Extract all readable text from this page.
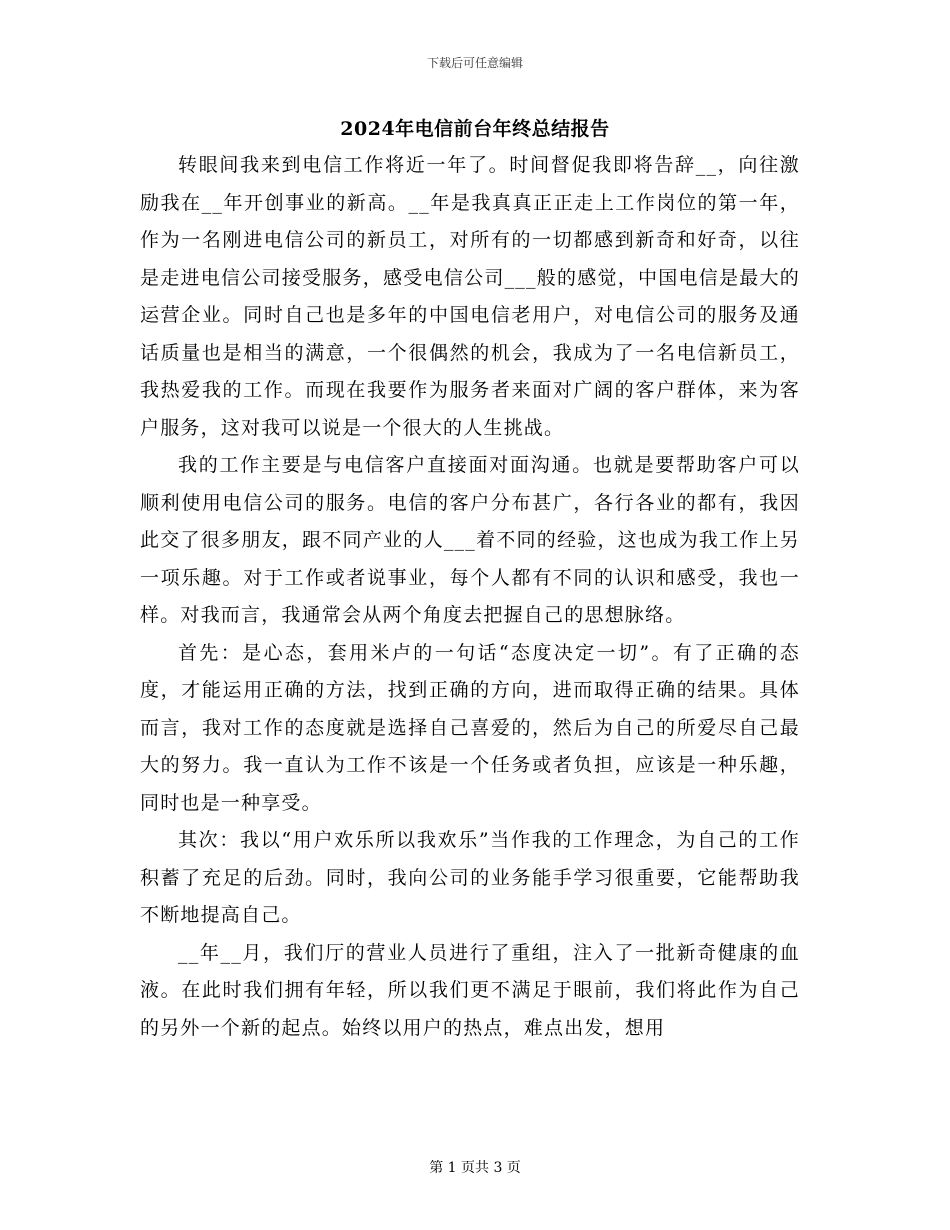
下载后可任意编辑
2024年电信前台年终总结报告

转眼间我来到电信工作将近一年了。时间督促我即将告辞__，向往激励我在__年开创事业的新高。__年是我真真正正走上工作岗位的第一年，作为一名刚进电信公司的新员工，对所有的一切都感到新奇和好奇，以往是走进电信公司接受服务，感受电信公司___般的感觉，中国电信是最大的运营企业。同时自己也是多年的中国电信老用户，对电信公司的服务及通话质量也是相当的满意，一个很偶然的机会，我成为了一名电信新员工，我热爱我的工作。而现在我要作为服务者来面对广阔的客户群体，来为客户服务，这对我可以说是一个很大的人生挑战。

我的工作主要是与电信客户直接面对面沟通。也就是要帮助客户可以顺利使用电信公司的服务。电信的客户分布甚广，各行各业的都有，我因此交了很多朋友，跟不同产业的人___着不同的经验，这也成为我工作上另一项乐趣。对于工作或者说事业，每个人都有不同的认识和感受，我也一样。对我而言，我通常会从两个角度去把握自己的思想脉络。

首先：是心态，套用米卢的一句话“态度决定一切”。有了正确的态度，才能运用正确的方法，找到正确的方向，进而取得正确的结果。具体而言，我对工作的态度就是选择自己喜爱的，然后为自己的所爱尽自己最大的努力。我一直认为工作不该是一个任务或者负担，应该是一种乐趣，同时也是一种享受。

其次：我以“用户欢乐所以我欢乐”当作我的工作理念，为自己的工作积蓄了充足的后劲。同时，我向公司的业务能手学习很重要，它能帮助我不断地提高自己。

__年__月，我们厅的营业人员进行了重组，注入了一批新奇健康的血液。在此时我们拥有年轻，所以我们更不满足于眼前，我们将此作为自己的另外一个新的起点。始终以用户的热点，难点出发，想用

第 1 页共 3 页
